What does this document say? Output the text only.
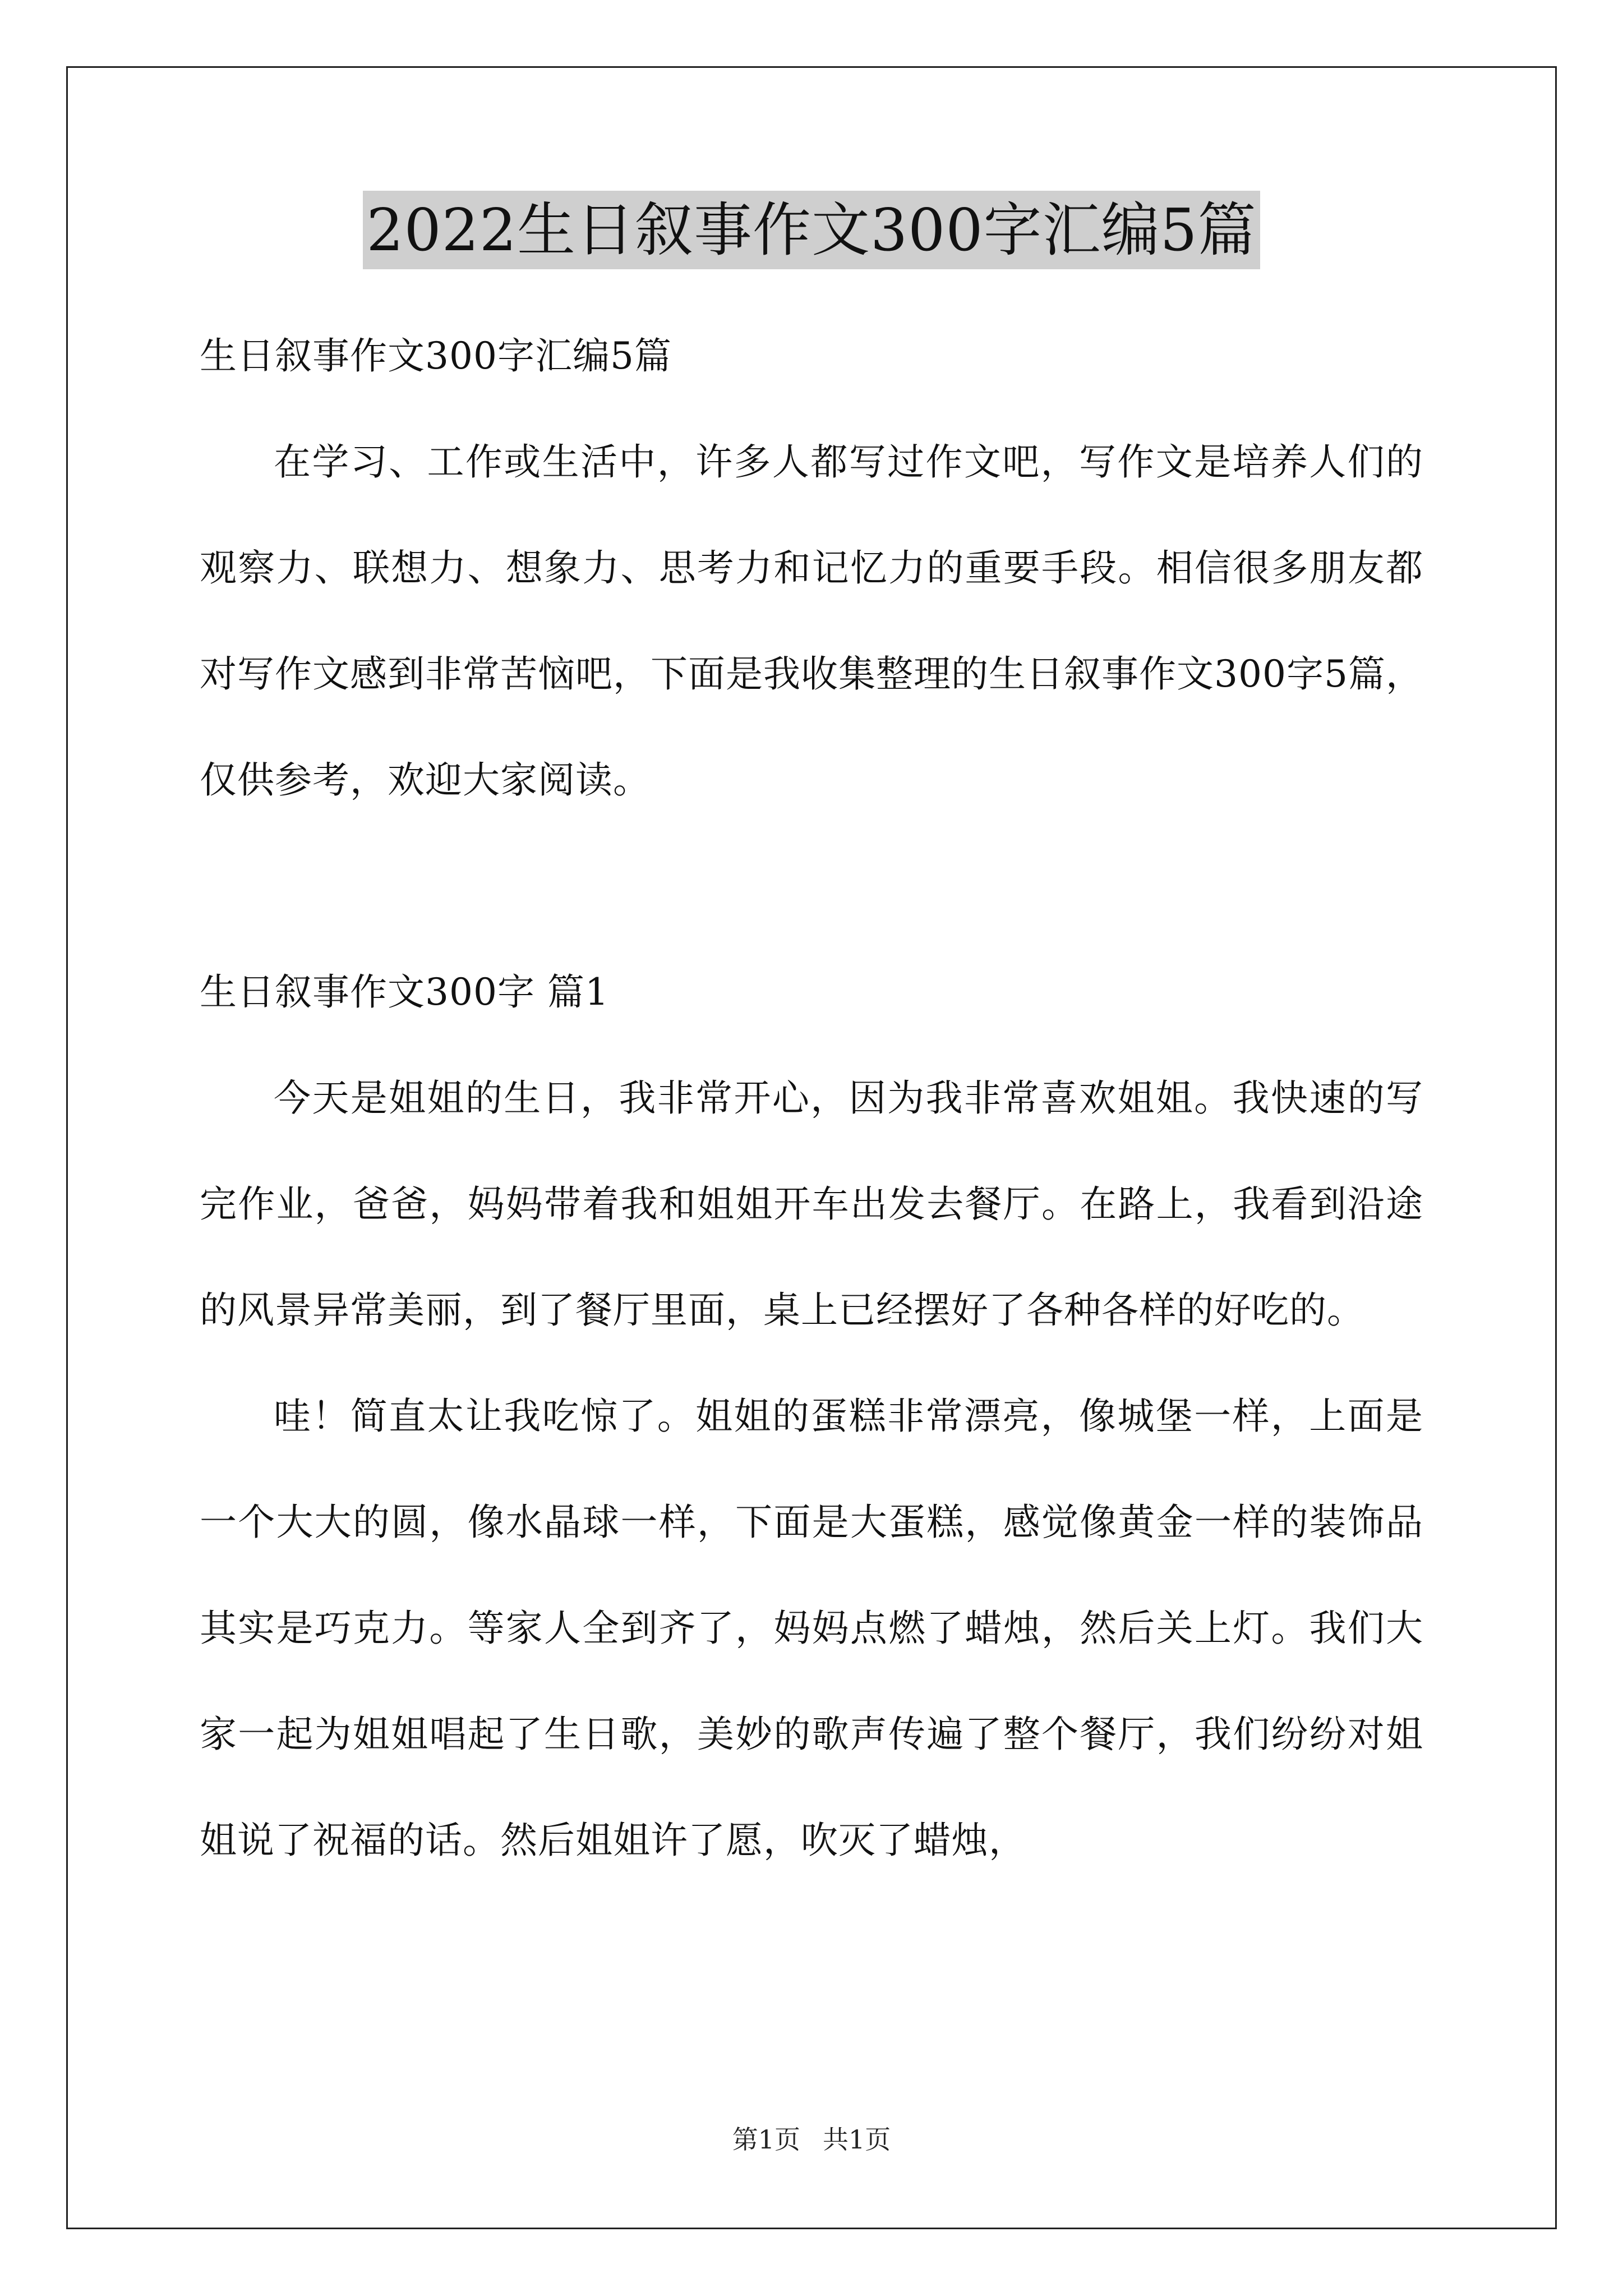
2022生日叙事作文300字汇编5篇

生日叙事作文300字汇编5篇

在学习、工作或生活中，许多人都写过作文吧，写作文是培养人们的观察力、联想力、想象力、思考力和记忆力的重要手段。相信很多朋友都对写作文感到非常苦恼吧，下面是我收集整理的生日叙事作文300字5篇，仅供参考，欢迎大家阅读。

生日叙事作文300字 篇1

今天是姐姐的生日，我非常开心，因为我非常喜欢姐姐。我快速的写完作业，爸爸，妈妈带着我和姐姐开车出发去餐厅。在路上，我看到沿途的风景异常美丽，到了餐厅里面，桌上已经摆好了各种各样的好吃的。

哇！简直太让我吃惊了。姐姐的蛋糕非常漂亮，像城堡一样，上面是一个大大的圆，像水晶球一样，下面是大蛋糕，感觉像黄金一样的装饰品其实是巧克力。等家人全到齐了，妈妈点燃了蜡烛，然后关上灯。我们大家一起为姐姐唱起了生日歌，美妙的歌声传遍了整个餐厅，我们纷纷对姐姐说了祝福的话。然后姐姐许了愿，吹灭了蜡烛，

第1页 共1页
